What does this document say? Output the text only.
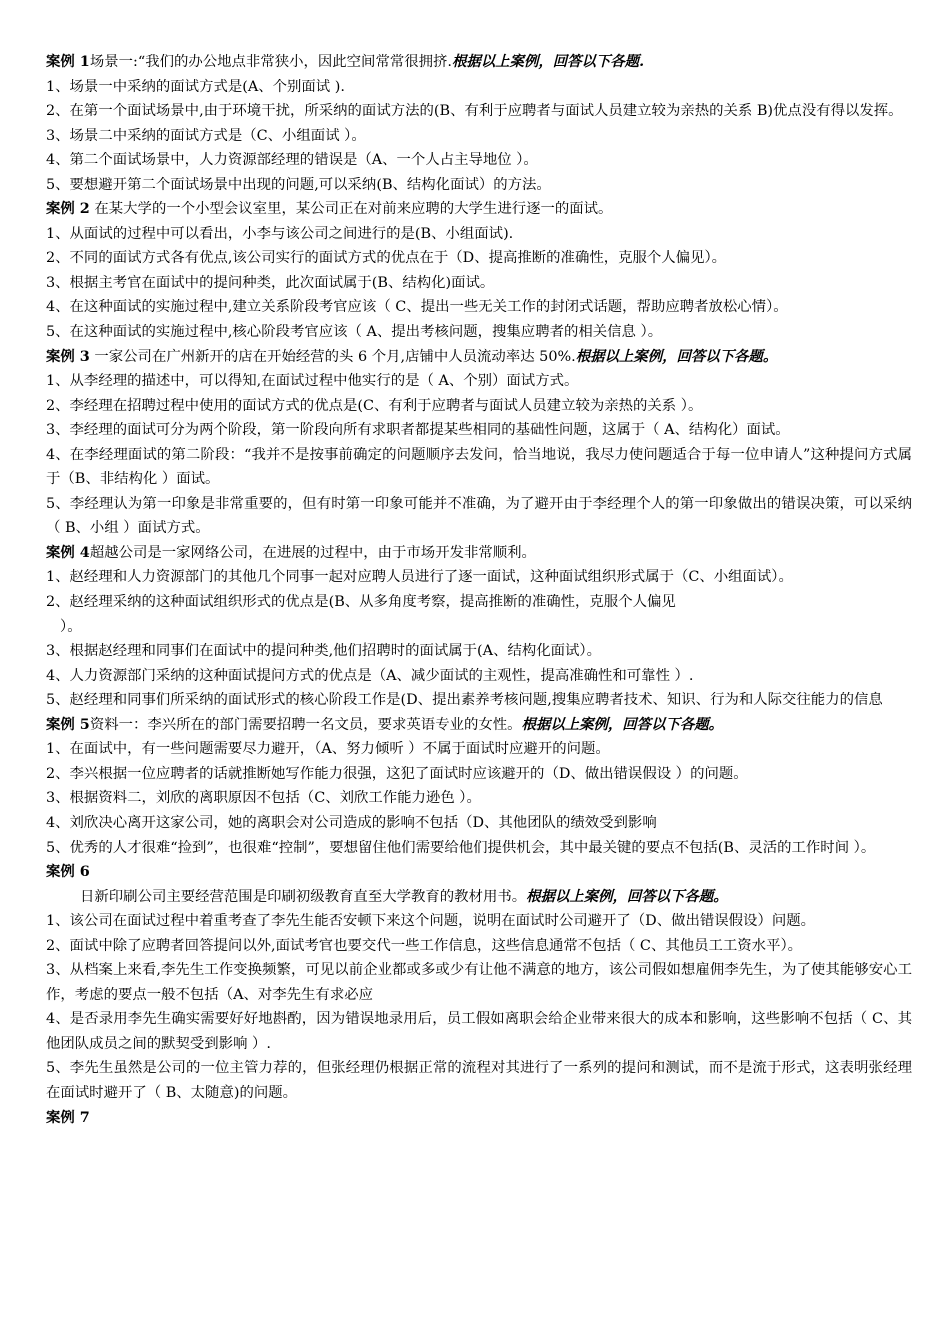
案例 1场景一:“我们的办公地点非常狭小，因此空间常常很拥挤.根据以上案例，回答以下各题.
1、场景一中采纳的面试方式是(A、个别面试 ).
2、在第一个面试场景中,由于环境干扰，所采纳的面试方法的(B、有利于应聘者与面试人员建立较为亲热的关系 B)优点没有得以发挥。
3、场景二中采纳的面试方式是（C、小组面试 ）。
4、第二个面试场景中，人力资源部经理的错误是（A、一个人占主导地位 ）。
5、要想避开第二个面试场景中出现的问题,可以采纳(B、结构化面试）的方法。
案例 2 在某大学的一个小型会议室里，某公司正在对前来应聘的大学生进行逐一的面试。
1、从面试的过程中可以看出，小李与该公司之间进行的是(B、小组面试).
2、不同的面试方式各有优点,该公司实行的面试方式的优点在于（D、提高推断的准确性，克服个人偏见）。
3、根据主考官在面试中的提问种类，此次面试属于(B、结构化)面试。
4、在这种面试的实施过程中,建立关系阶段考官应该（ C、提出一些无关工作的封闭式话题，帮助应聘者放松心情）。
5、在这种面试的实施过程中,核心阶段考官应该（ A、提出考核问题，搜集应聘者的相关信息 ）。
案例 3 一家公司在广州新开的店在开始经营的头 6 个月,店铺中人员流动率达 50%.根据以上案例，回答以下各题。
1、从李经理的描述中，可以得知,在面试过程中他实行的是（ A、个别）面试方式。
2、李经理在招聘过程中使用的面试方式的优点是(C、有利于应聘者与面试人员建立较为亲热的关系 ）。
3、李经理的面试可分为两个阶段，第一阶段向所有求职者都提某些相同的基础性问题，这属于（ A、结构化）面试。
4、在李经理面试的第二阶段：“我并不是按事前确定的问题顺序去发问，恰当地说，我尽力使问题适合于每一位申请人”这种提问方式属于（B、非结构化 ）面试。
5、李经理认为第一印象是非常重要的，但有时第一印象可能并不准确，为了避开由于李经理个人的第一印象做出的错误决策，可以采纳（ B、小组 ）面试方式。
案例 4超越公司是一家网络公司，在进展的过程中，由于市场开发非常顺利。
1、赵经理和人力资源部门的其他几个同事一起对应聘人员进行了逐一面试，这种面试组织形式属于（C、小组面试）。
2、赵经理采纳的这种面试组织形式的优点是(B、从多角度考察，提高推断的准确性，克服个人偏见
）。
3、根据赵经理和同事们在面试中的提问种类,他们招聘时的面试属于(A、结构化面试）。
4、人力资源部门采纳的这种面试提问方式的优点是（A、减少面试的主观性，提高准确性和可靠性 ）.
5、赵经理和同事们所采纳的面试形式的核心阶段工作是(D、提出素养考核问题,搜集应聘者技术、知识、行为和人际交往能力的信息
案例 5资料一：李兴所在的部门需要招聘一名文员，要求英语专业的女性。根据以上案例，回答以下各题。
1、在面试中，有一些问题需要尽力避开，（A、努力倾听 ）不属于面试时应避开的问题。
2、李兴根据一位应聘者的话就推断她写作能力很强，这犯了面试时应该避开的（D、做出错误假设 ）的问题。
3、根据资料二，刘欣的离职原因不包括（C、刘欣工作能力逊色 ）。
4、刘欣决心离开这家公司，她的离职会对公司造成的影响不包括（D、其他团队的绩效受到影响
5、优秀的人才很难“捡到”，也很难“控制”，要想留住他们需要给他们提供机会，其中最关键的要点不包括(B、灵活的工作时间 ）。
案例 6
日新印刷公司主要经营范围是印刷初级教育直至大学教育的教材用书。根据以上案例，回答以下各题。
1、该公司在面试过程中着重考查了李先生能否安顿下来这个问题，说明在面试时公司避开了（D、做出错误假设）问题。
2、面试中除了应聘者回答提问以外,面试考官也要交代一些工作信息，这些信息通常不包括（ C、其他员工工资水平）。
3、从档案上来看,李先生工作变换频繁，可见以前企业都或多或少有让他不满意的地方，该公司假如想雇佣李先生，为了使其能够安心工作，考虑的要点一般不包括（A、对李先生有求必应
4、是否录用李先生确实需要好好地斟酌，因为错误地录用后，员工假如离职会给企业带来很大的成本和影响，这些影响不包括（ C、其他团队成员之间的默契受到影响 ）.
5、李先生虽然是公司的一位主管力荐的，但张经理仍根据正常的流程对其进行了一系列的提问和测试，而不是流于形式，这表明张经理在面试时避开了（ B、太随意)的问题。
案例 7
